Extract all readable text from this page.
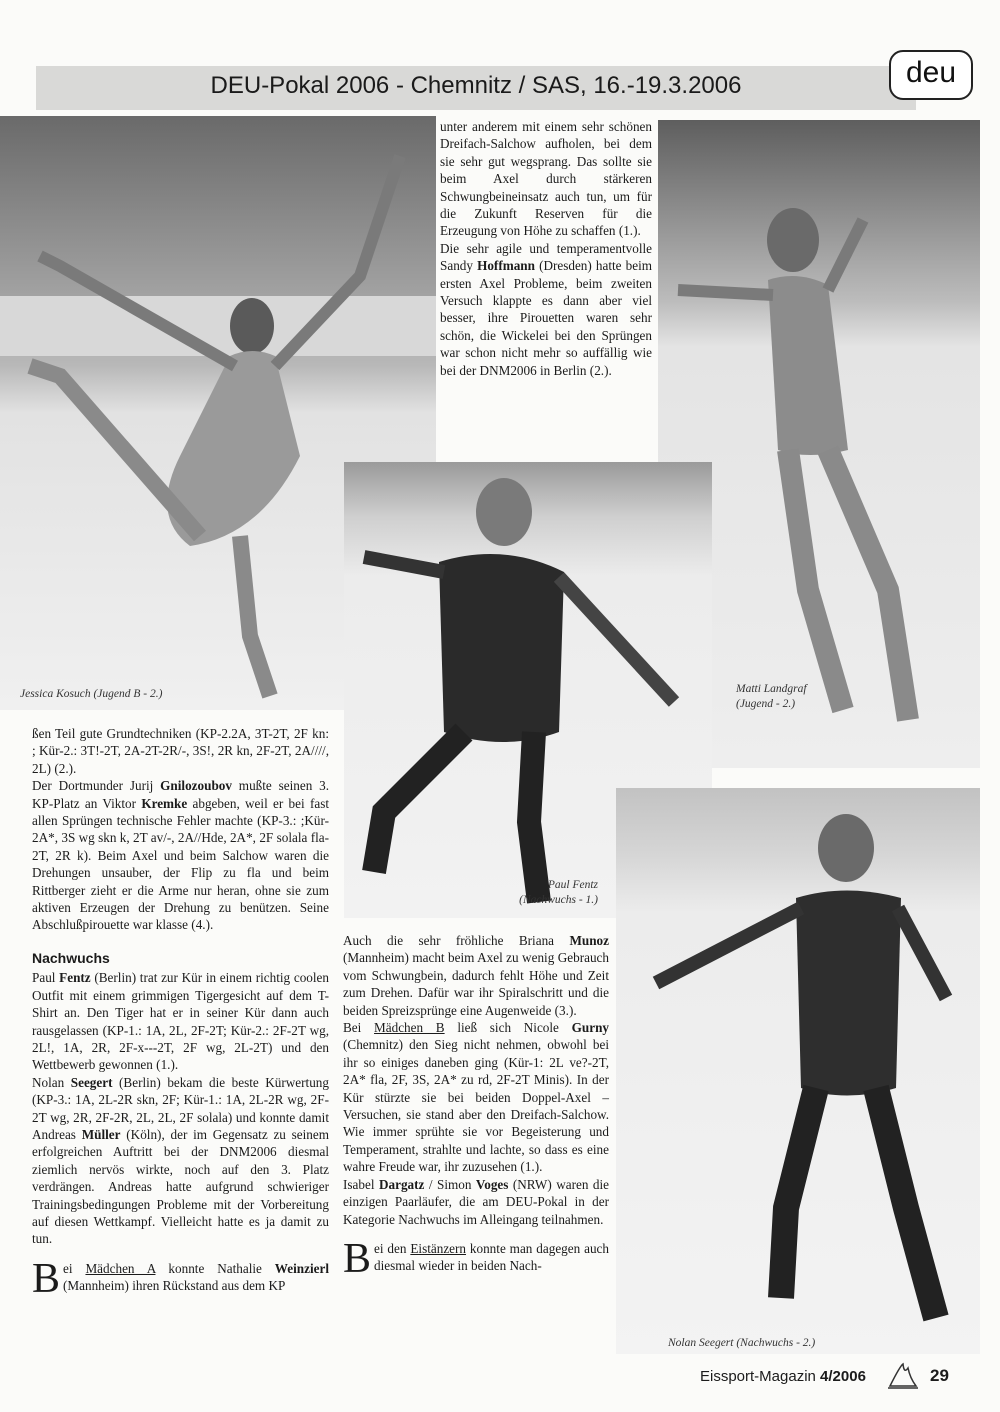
DEU-Pokal 2006 - Chemnitz / SAS, 16.-19.3.2006	deu
Jessica Kosuch (Jugend B - 2.)

unter anderem mit einem sehr schönen Dreifach-Salchow aufholen, bei dem sie sehr gut wegsprang. Das sollte sie beim Axel durch stärkeren Schwungbeineinsatz auch tun, um für die Zukunft Reserven für die Erzeugung von Höhe zu schaffen (1.).

Die sehr agile und temperamentvolle Sandy Hoffmann (Dresden) hatte beim ersten Axel Probleme, beim zweiten Versuch klappte es dann aber viel besser, ihre Pirouetten waren sehr schön, die Wickelei bei den Sprüngen war schon nicht mehr so auffällig wie bei der DNM2006 in Berlin (2.).

Matti Landgraf
(Jugend - 2.)
Paul Fentz
(Nachwuchs - 1.)
Nolan Seegert (Nachwuchs - 2.)

ßen Teil gute Grundtechniken (KP-2.2A, 3T-2T, 2F kn: ; Kür-2.: 3T!-2T, 2A-2T-2R/-, 3S!, 2R kn, 2F-2T, 2A////, 2L) (2.).

Der Dortmunder Jurij Gnilozoubov mußte seinen 3. KP-Platz an Viktor Kremke abgeben, weil er bei fast allen Sprüngen technische Fehler machte (KP-3.: ;Kür-2A*, 3S wg skn k, 2T av/-, 2A//Hde, 2A*, 2F solala fla-2T, 2R k). Beim Axel und beim Salchow waren die Drehungen unsauber, der Flip zu fla und beim Rittberger zieht er die Arme nur heran, ohne sie zum aktiven Erzeugen der Drehung zu benützen. Seine Abschlußpirouette war klasse (4.).

Nachwuchs

Paul Fentz (Berlin) trat zur Kür in einem richtig coolen Outfit mit einem grimmigen Tigergesicht auf dem T-Shirt an. Den Tiger hat er in seiner Kür dann auch rausgelassen (KP-1.: 1A, 2L, 2F-2T; Kür-2.: 2F-2T wg, 2L!, 1A, 2R, 2F-x---2T, 2F wg, 2L-2T) und den Wettbewerb gewonnen (1.).

Nolan Seegert (Berlin) bekam die beste Kürwertung (KP-3.: 1A, 2L-2R skn, 2F; Kür-1.: 1A, 2L-2R wg, 2F-2T wg, 2R, 2F-2R, 2L, 2L, 2F solala) und konnte damit Andreas Müller (Köln), der im Gegensatz zu seinem erfolgreichen Auftritt bei der DNM2006 diesmal ziemlich nervös wirkte, noch auf den 3. Platz verdrängen. Andreas hatte aufgrund schwieriger Trainingsbedingungen Probleme mit der Vorbereitung auf diesen Wettkampf. Vielleicht hatte es ja damit zu tun.

Bei Mädchen A konnte Nathalie Weinzierl (Mannheim) ihren Rückstand aus dem KP

Auch die sehr fröhliche Briana Munoz (Mannheim) macht beim Axel zu wenig Gebrauch vom Schwungbein, dadurch fehlt Höhe und Zeit zum Drehen. Dafür war ihr Spiralschritt und die beiden Spreizsprünge eine Augenweide (3.).

Bei Mädchen B ließ sich Nicole Gurny (Chemnitz) den Sieg nicht nehmen, obwohl bei ihr so einiges daneben ging (Kür-1: 2L ve?-2T, 2A* fla, 2F, 3S, 2A* zu rd, 2F-2T Minis). In der Kür stürzte sie bei beiden Doppel-Axel – Versuchen, sie stand aber den Dreifach-Salchow. Wie immer sprühte sie vor Begeisterung und Temperament, strahlte und lachte, so dass es eine wahre Freude war, ihr zuzusehen (1.).

Isabel Dargatz / Simon Voges (NRW) waren die einzigen Paarläufer, die am DEU-Pokal in der Kategorie Nachwuchs im Alleingang teilnahmen.

Bei den Eistänzern konnte man dagegen auch diesmal wieder in beiden Nach-

Eissport-Magazin 4/2006	29
